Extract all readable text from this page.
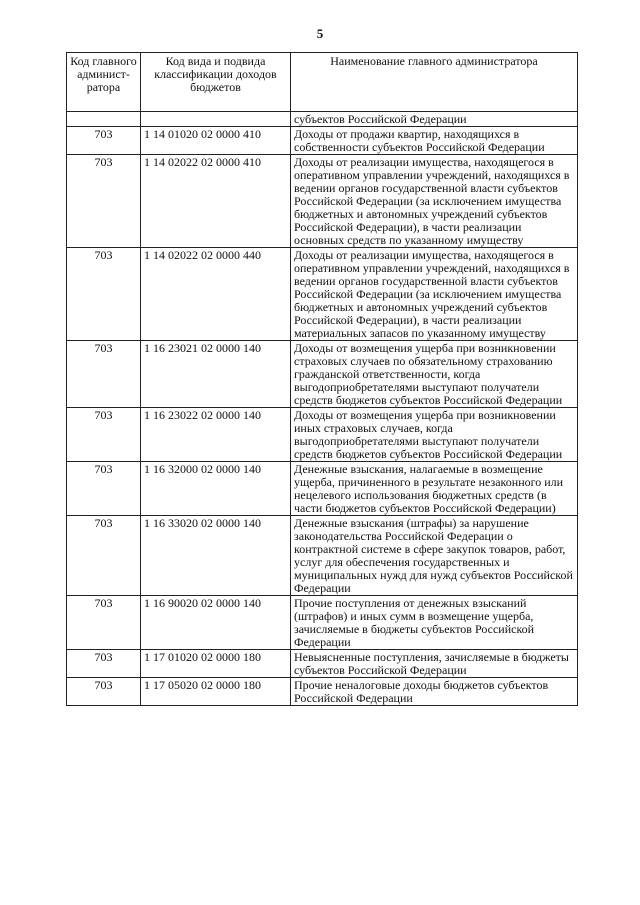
5
Код главного админист- ратора	Код вида и подвида классификации доходов бюджетов	Наименование главного администратора
		субъектов Российской Федерации
703	1 14 01020 02 0000 410	Доходы от продажи квартир, находящихся в собственности субъектов Российской Федерации
703	1 14 02022 02 0000 410	Доходы от реализации имущества, находящегося в оперативном управлении учреждений, находящихся в ведении органов государственной власти субъектов Российской Федерации (за исключением имущества бюджетных и автономных учреждений субъектов Российской Федерации), в части реализации основных средств по указанному имуществу
703	1 14 02022 02 0000 440	Доходы от реализации имущества, находящегося в оперативном управлении учреждений, находящихся в ведении органов государственной власти субъектов Российской Федерации (за исключением имущества бюджетных и автономных учреждений субъектов Российской Федерации), в части реализации материальных запасов по указанному имуществу
703	1 16 23021 02 0000 140	Доходы от возмещения ущерба при возникновении страховых случаев по обязательному страхованию гражданской ответственности, когда выгодоприобретателями выступают получатели средств бюджетов субъектов Российской Федерации
703	1 16 23022 02 0000 140	Доходы от возмещения ущерба при возникновении иных страховых случаев, когда выгодоприобретателями выступают получатели средств бюджетов субъектов Российской Федерации
703	1 16 32000 02 0000 140	Денежные взыскания, налагаемые в возмещение ущерба, причиненного в результате незаконного или нецелевого использования бюджетных средств (в части бюджетов субъектов Российской Федерации)
703	1 16 33020 02 0000 140	Денежные взыскания (штрафы) за нарушение законодательства Российской Федерации о контрактной системе в сфере закупок товаров, работ, услуг для обеспечения государственных и муниципальных нужд для нужд субъектов Российской Федерации
703	1 16 90020 02 0000 140	Прочие поступления от денежных взысканий (штрафов) и иных сумм в возмещение ущерба, зачисляемые в бюджеты субъектов Российской Федерации
703	1 17 01020 02 0000 180	Невыясненные поступления, зачисляемые в бюджеты субъектов Российской Федерации
703	1 17 05020 02 0000 180	Прочие неналоговые доходы бюджетов субъектов Российской Федерации
